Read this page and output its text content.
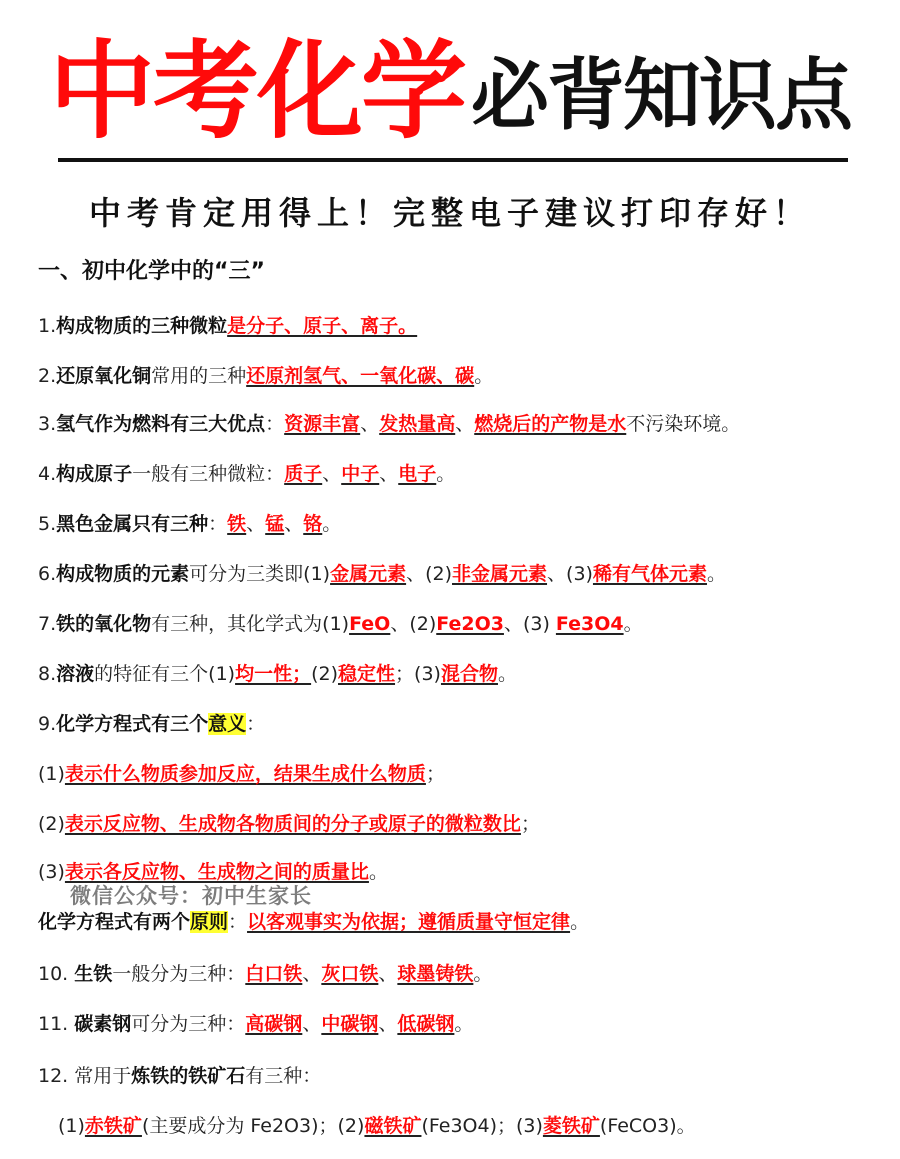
中考化学 必背知识点
中考肯定用得上！完整电子建议打印存好！
一、初中化学中的“三”
1.构成物质的三种微粒是分子、原子、离子。
2.还原氧化铜常用的三种还原剂氢气、一氧化碳、碳。
3.氢气作为燃料有三大优点：资源丰富、发热量高、燃烧后的产物是水不污染环境。
4.构成原子一般有三种微粒：质子、中子、电子。
5.黑色金属只有三种：铁、锰、铬。
6.构成物质的元素可分为三类即(1)金属元素、(2)非金属元素、(3)稀有气体元素。
7.铁的氧化物有三种，其化学式为(1)FeO、(2)Fe2O3、(3) Fe3O4。
8.溶液的特征有三个(1)均一性；(2)稳定性；(3)混合物。
9.化学方程式有三个意义：
(1)表示什么物质参加反应，结果生成什么物质；
(2)表示反应物、生成物各物质间的分子或原子的微粒数比；
(3)表示各反应物、生成物之间的质量比。
化学方程式有两个原则：以客观事实为依据；遵循质量守恒定律。
10. 生铁一般分为三种：白口铁、灰口铁、球墨铸铁。
11. 碳素钢可分为三种：高碳钢、中碳钢、低碳钢。
12. 常用于炼铁的铁矿石有三种：
(1)赤铁矿(主要成分为 Fe2O3)；(2)磁铁矿(Fe3O4)；(3)菱铁矿(FeCO3)。
微信公众号：初中生家长
